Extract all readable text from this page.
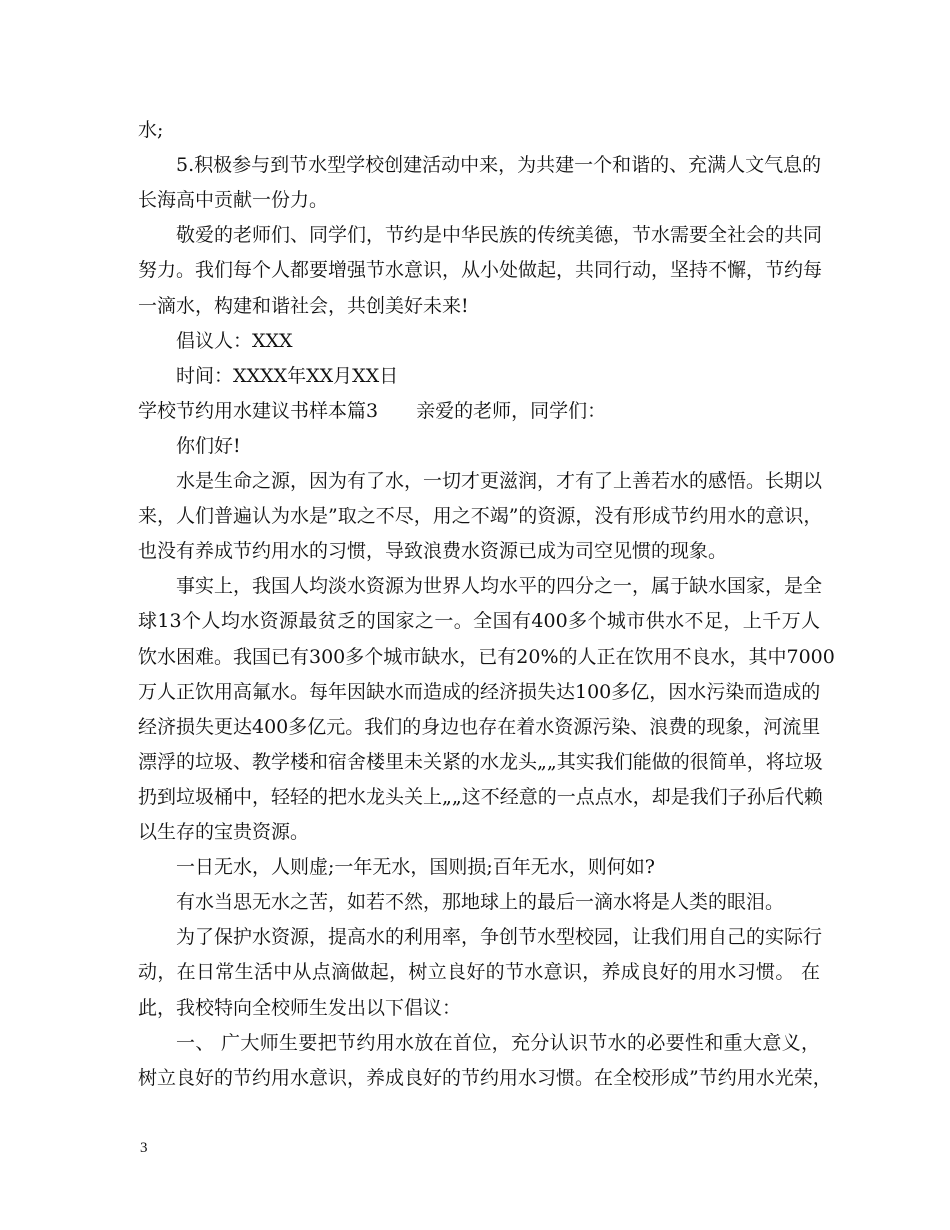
水;
5.积极参与到节水型学校创建活动中来，为共建一个和谐的、充满人文气息的
长海高中贡献一份力。
敬爱的老师们、同学们，节约是中华民族的传统美德，节水需要全社会的共同
努力。我们每个人都要增强节水意识，从小处做起，共同行动，坚持不懈，节约每
一滴水，构建和谐社会，共创美好未来!
倡议人：XXX
时间：XXXX年XX月XX日
学校节约用水建议书样本篇3　　亲爱的老师，同学们：
你们好!
水是生命之源，因为有了水，一切才更滋润，才有了上善若水的感悟。长期以
来，人们普遍认为水是”取之不尽，用之不竭”的资源，没有形成节约用水的意识，
也没有养成节约用水的习惯，导致浪费水资源已成为司空见惯的现象。
事实上，我国人均淡水资源为世界人均水平的四分之一，属于缺水国家，是全
球13个人均水资源最贫乏的国家之一。全国有400多个城市供水不足，上千万人
饮水困难。我国已有300多个城市缺水，已有20%的人正在饮用不良水，其中7000
万人正饮用高氟水。每年因缺水而造成的经济损失达100多亿，因水污染而造成的
经济损失更达400多亿元。我们的身边也存在着水资源污染、浪费的现象，河流里
漂浮的垃圾、教学楼和宿舍楼里未关紧的水龙头„„其实我们能做的很简单，将垃圾
扔到垃圾桶中，轻轻的把水龙头关上„„这不经意的一点点水，却是我们子孙后代赖
以生存的宝贵资源。
一日无水，人则虚;一年无水，国则损;百年无水，则何如?
有水当思无水之苦，如若不然，那地球上的最后一滴水将是人类的眼泪。
为了保护水资源，提高水的利用率，争创节水型校园，让我们用自己的实际行
动，在日常生活中从点滴做起，树立良好的节水意识，养成良好的用水习惯。 在
此，我校特向全校师生发出以下倡议：
一、 广大师生要把节约用水放在首位，充分认识节水的必要性和重大意义，
树立良好的节约用水意识，养成良好的节约用水习惯。在全校形成”节约用水光荣，
3
